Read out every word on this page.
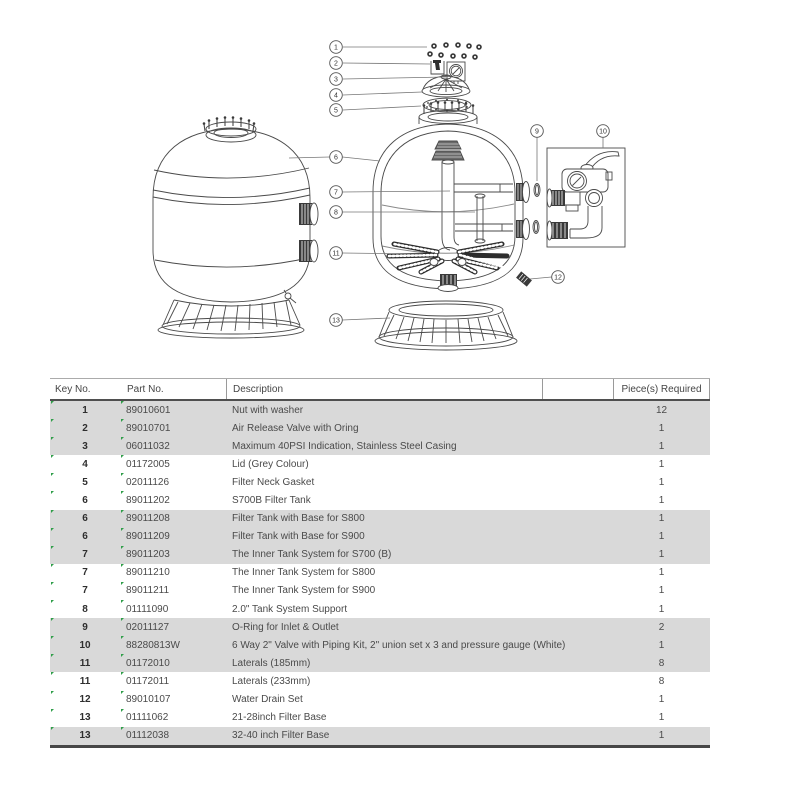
1
2
3
4
5
6
7
8
11
13
9	10
12
Key No.	Part No.	Description	Piece(s) Required
1	89010601	Nut with washer	12
2	89010701	Air Release Valve with Oring	1
3	06011032	Maximum 40PSI Indication, Stainless Steel Casing	1
4	01172005	Lid (Grey Colour)	1
5	02011126	Filter Neck Gasket	1
6	89011202	S700B Filter Tank	1
6	89011208	Filter Tank with Base for S800	1
6	89011209	Filter Tank with Base for S900	1
7	89011203	The Inner Tank System for S700 (B)	1
7	89011210	The Inner Tank System for S800	1
7	89011211	The Inner Tank System for S900	1
8	01111090	2.0" Tank System Support	1
9	02011127	O-Ring for Inlet & Outlet	2
10	88280813W	6 Way 2" Valve with Piping Kit, 2" union set x 3 and pressure gauge (White)	1
11	01172010	Laterals (185mm)	8
11	01172011	Laterals (233mm)	8
12	89010107	Water Drain Set	1
13	01111062	21-28inch Filter Base	1
13	01112038	32-40 inch Filter Base	1
